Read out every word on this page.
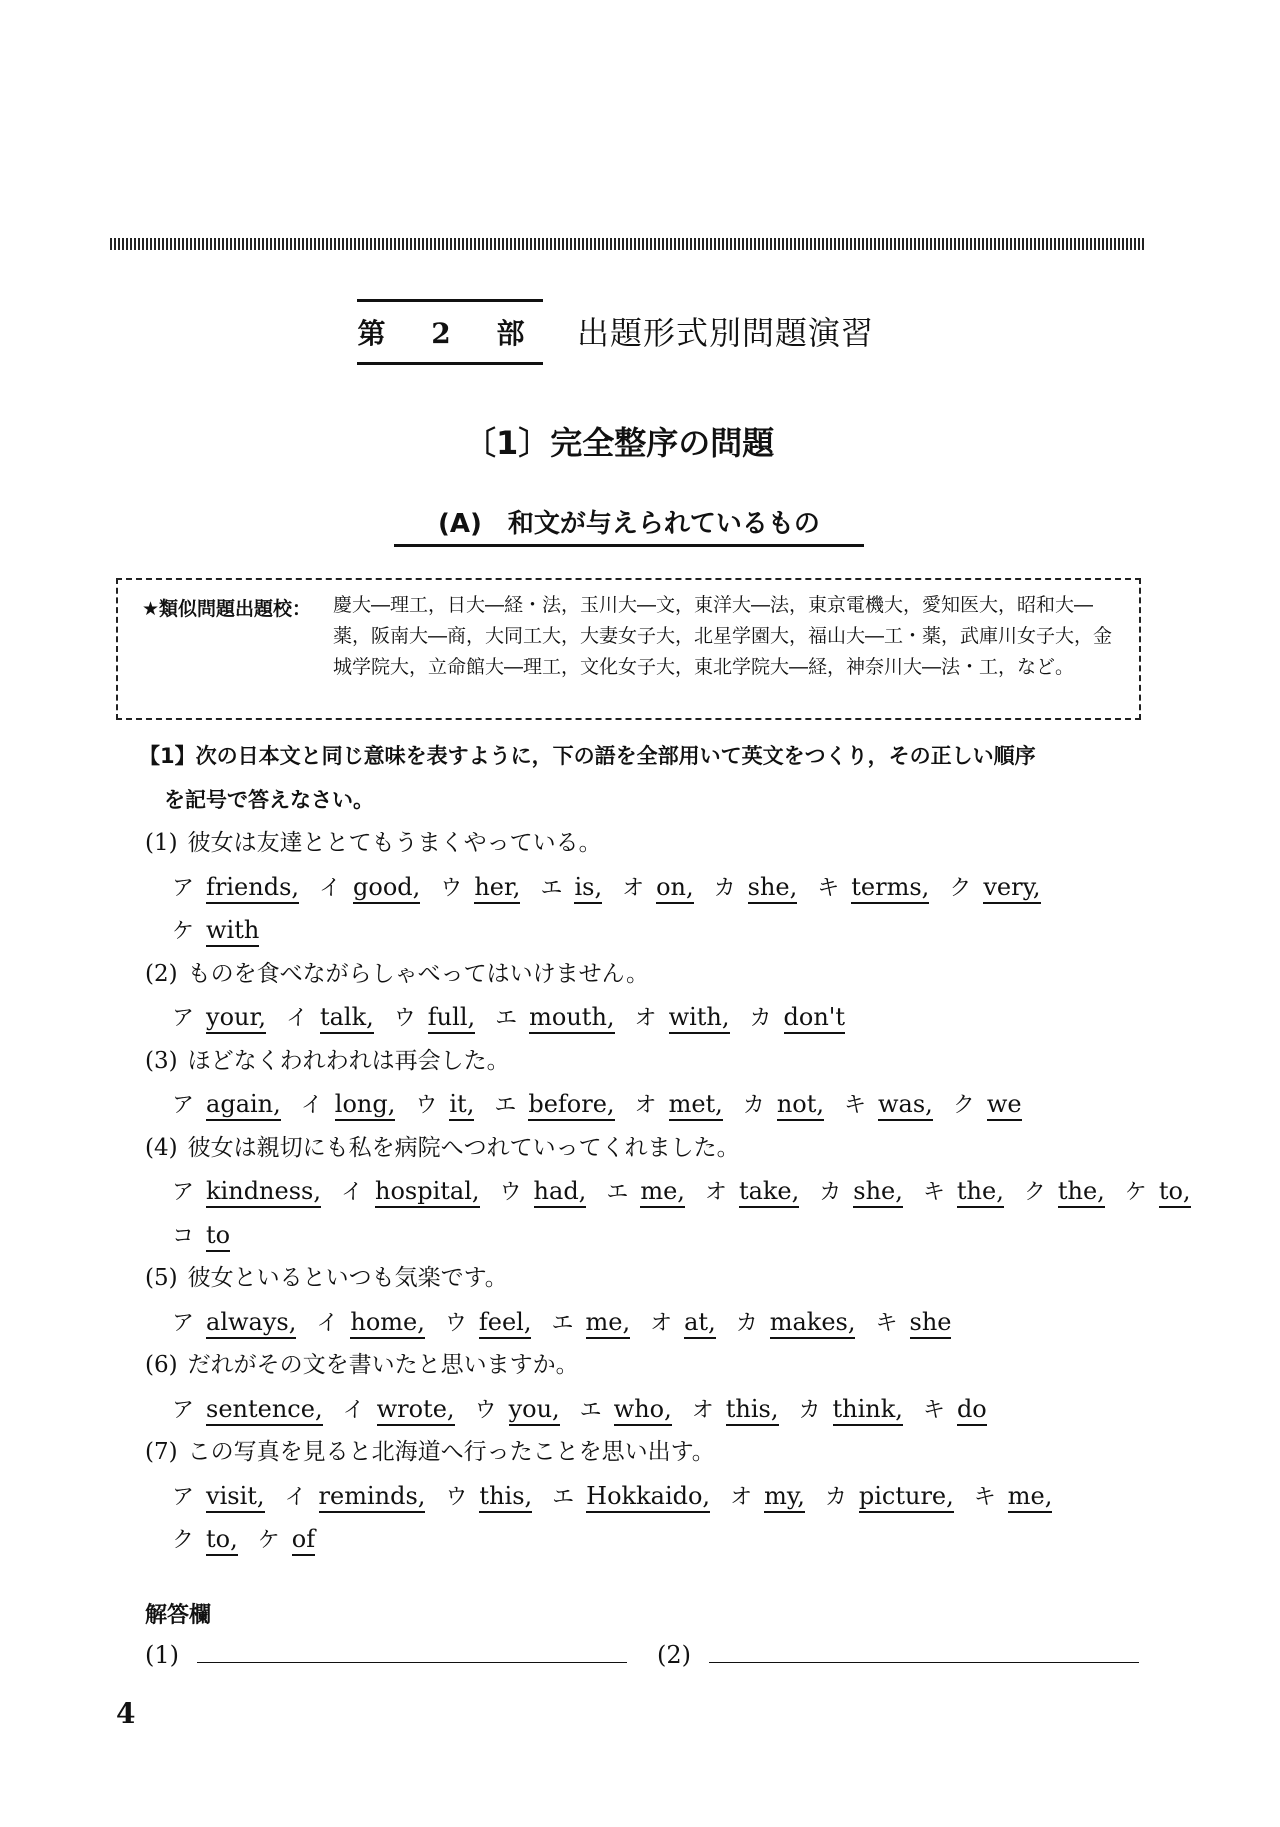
第 2 部 出題形式別問題演習
〔1〕完全整序の問題
(A)　和文が与えられているもの
★類似問題出題校： 慶大―理工，日大―経・法，玉川大―文，東洋大―法，東京電機大，愛知医大，昭和大―薬，阪南大―商，大同工大，大妻女子大，北星学園大，福山大―工・薬，武庫川女子大，金城学院大，立命館大―理工，文化女子大，東北学院大―経，神奈川大―法・工，など。
【1】次の日本文と同じ意味を表すように，下の語を全部用いて英文をつくり，その正しい順序
を記号で答えなさい。
(1) 彼女は友達ととてもうまくやっている。
ア friends, イ good, ウ her, エ is, オ on, カ she, キ terms, ク very,
ケ with
(2) ものを食べながらしゃべってはいけません。
ア your, イ talk, ウ full, エ mouth, オ with, カ don't
(3) ほどなくわれわれは再会した。
ア again, イ long, ウ it, エ before, オ met, カ not, キ was, ク we
(4) 彼女は親切にも私を病院へつれていってくれました。
ア kindness, イ hospital, ウ had, エ me, オ take, カ she, キ the, ク the, ケ to,
コ to
(5) 彼女といるといつも気楽です。
ア always, イ home, ウ feel, エ me, オ at, カ makes, キ she
(6) だれがその文を書いたと思いますか。
ア sentence, イ wrote, ウ you, エ who, オ this, カ think, キ do
(7) この写真を見ると北海道へ行ったことを思い出す。
ア visit, イ reminds, ウ this, エ Hokkaido, オ my, カ picture, キ me,
ク to, ケ of
解答欄
(1)	(2)
4
